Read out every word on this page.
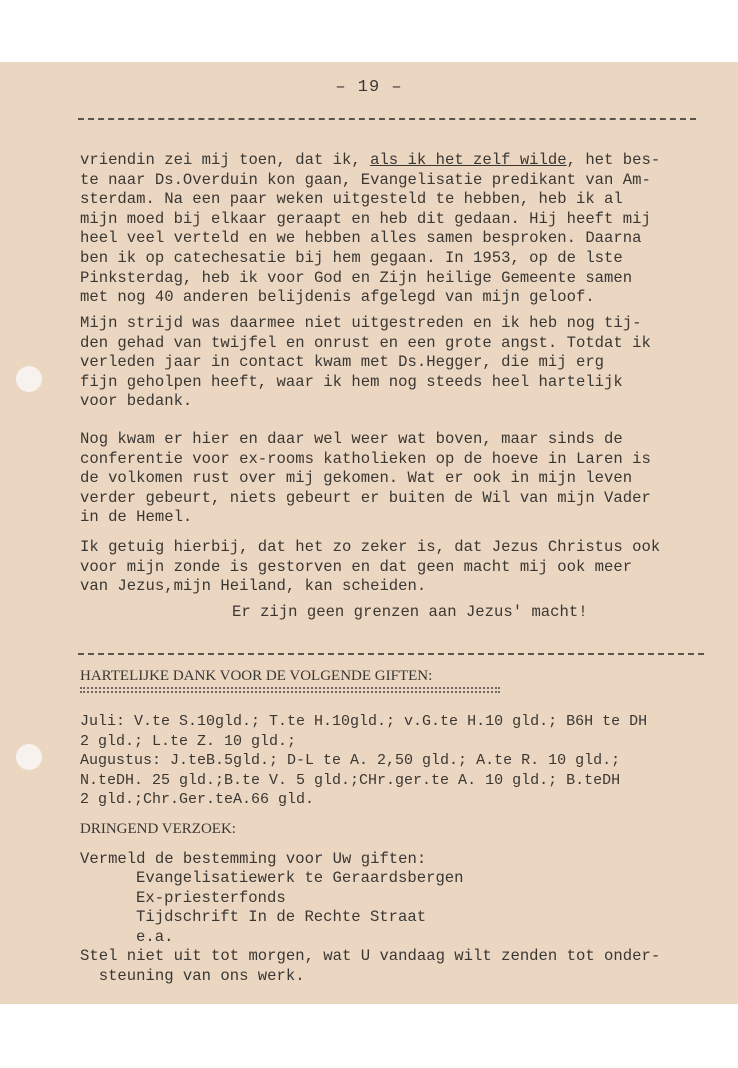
– 19 –
vriendin zei mij toen, dat ik, als ik het zelf wilde, het bes-
te naar Ds.Overduin kon gaan, Evangelisatie predikant van Am-
sterdam. Na een paar weken uitgesteld te hebben, heb ik al
mijn moed bij elkaar geraapt en heb dit gedaan. Hij heeft mij
heel veel verteld en we hebben alles samen besproken. Daarna
ben ik op catechesatie bij hem gegaan. In 1953, op de lste
Pinksterdag, heb ik voor God en Zijn heilige Gemeente samen
met nog 40 anderen belijdenis afgelegd van mijn geloof.
Mijn strijd was daarmee niet uitgestreden en ik heb nog tij-
den gehad van twijfel en onrust en een grote angst. Totdat ik
verleden jaar in contact kwam met Ds.Hegger, die mij erg
fijn geholpen heeft, waar ik hem nog steeds heel hartelijk
voor bedank.
Nog kwam er hier en daar wel weer wat boven, maar sinds de
conferentie voor ex-rooms katholieken op de hoeve in Laren is
de volkomen rust over mij gekomen. Wat er ook in mijn leven
verder gebeurt, niets gebeurt er buiten de Wil van mijn Vader
in de Hemel.
Ik getuig hierbij, dat het zo zeker is, dat Jezus Christus ook
voor mijn zonde is gestorven en dat geen macht mij ook meer
van Jezus,mijn Heiland, kan scheiden.
Er zijn geen grenzen aan Jezus' macht!
HARTELIJKE DANK VOOR DE VOLGENDE GIFTEN:
Juli: V.te S.10gld.; T.te H.10gld.; v.G.te H.10 gld.; B6H te DH
2 gld.; L.te Z. 10 gld.;
Augustus: J.teB.5gld.; D-L te A. 2,50 gld.; A.te R. 10 gld.;
N.teDH. 25 gld.;B.te V. 5 gld.;CHr.ger.te A. 10 gld.; B.teDH
2 gld.;Chr.Ger.teA.66 gld.
DRINGEND VERZOEK:
Vermeld de bestemming voor Uw giften:
Evangelisatiewerk te Geraardsbergen
Ex-priesterfonds
Tijdschrift In de Rechte Straat
e.a.
Stel niet uit tot morgen, wat U vandaag wilt zenden tot onder-
steuning van ons werk.
